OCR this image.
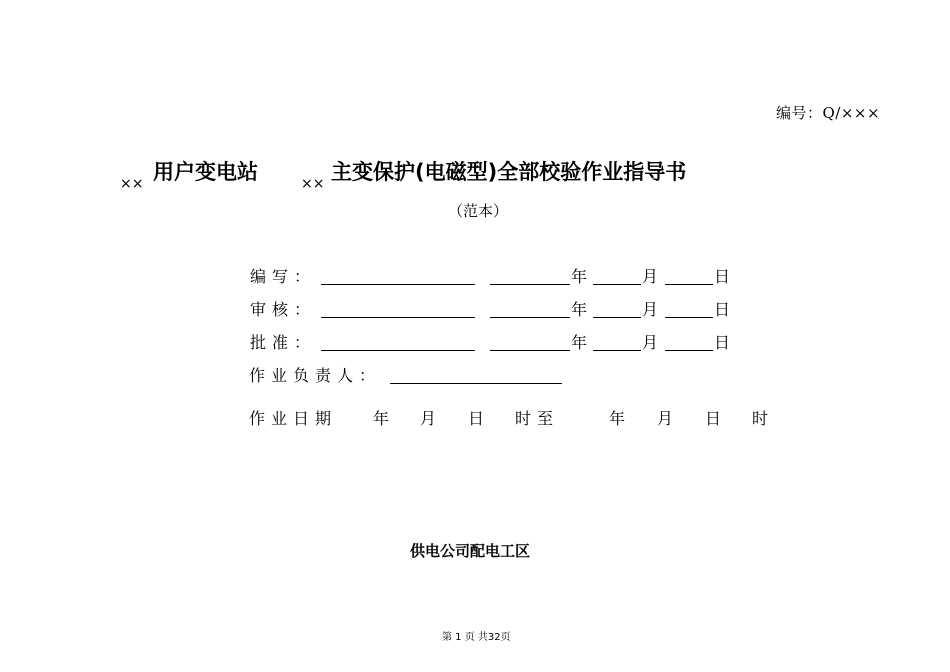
编号：Q/×××
×× 用户变电站	×× 主变保护(电磁型)全部校验作业指导书
（范本）
编写：	年	月	日
审核：	年	月	日
批准：	年	月	日
作业负责人：
作业日期 年 月 日 时至	年 月 日 时
供电公司配电工区
第 1 页 共32页
